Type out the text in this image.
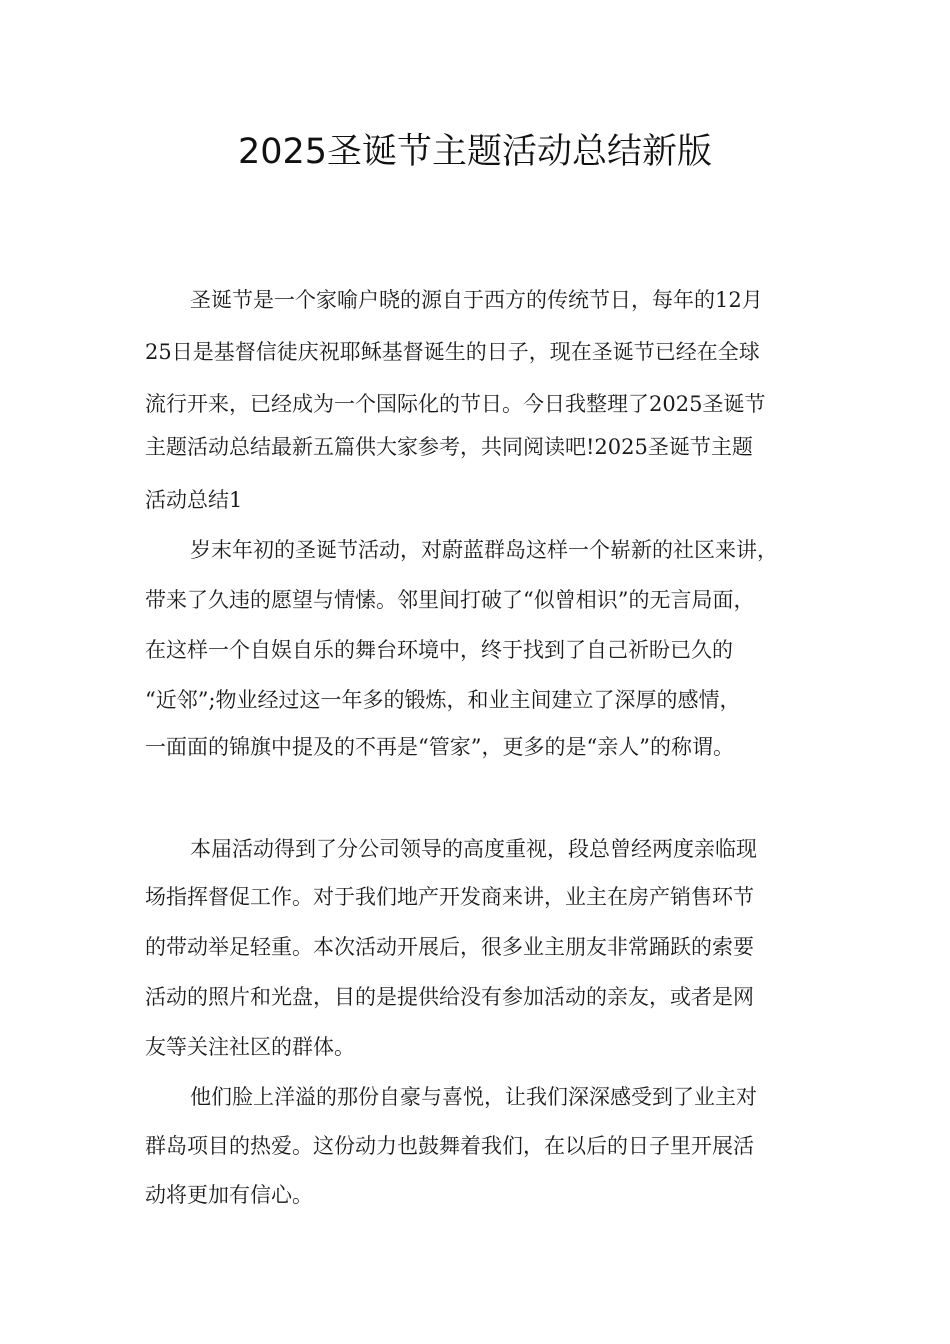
2025圣诞节主题活动总结新版
圣诞节是一个家喻户晓的源自于西方的传统节日，每年的12月
25日是基督信徒庆祝耶稣基督诞生的日子，现在圣诞节已经在全球
流行开来，已经成为一个国际化的节日。今日我整理了2025圣诞节
主题活动总结最新五篇供大家参考，共同阅读吧!2025圣诞节主题
活动总结1
岁末年初的圣诞节活动，对蔚蓝群岛这样一个崭新的社区来讲，
带来了久违的愿望与情愫。邻里间打破了“似曾相识”的无言局面，
在这样一个自娱自乐的舞台环境中，终于找到了自己祈盼已久的
“近邻”;物业经过这一年多的锻炼，和业主间建立了深厚的感情，
一面面的锦旗中提及的不再是“管家”，更多的是“亲人”的称谓。
本届活动得到了分公司领导的高度重视，段总曾经两度亲临现
场指挥督促工作。对于我们地产开发商来讲，业主在房产销售环节
的带动举足轻重。本次活动开展后，很多业主朋友非常踊跃的索要
活动的照片和光盘，目的是提供给没有参加活动的亲友，或者是网
友等关注社区的群体。
他们脸上洋溢的那份自豪与喜悦，让我们深深感受到了业主对
群岛项目的热爱。这份动力也鼓舞着我们，在以后的日子里开展活
动将更加有信心。
